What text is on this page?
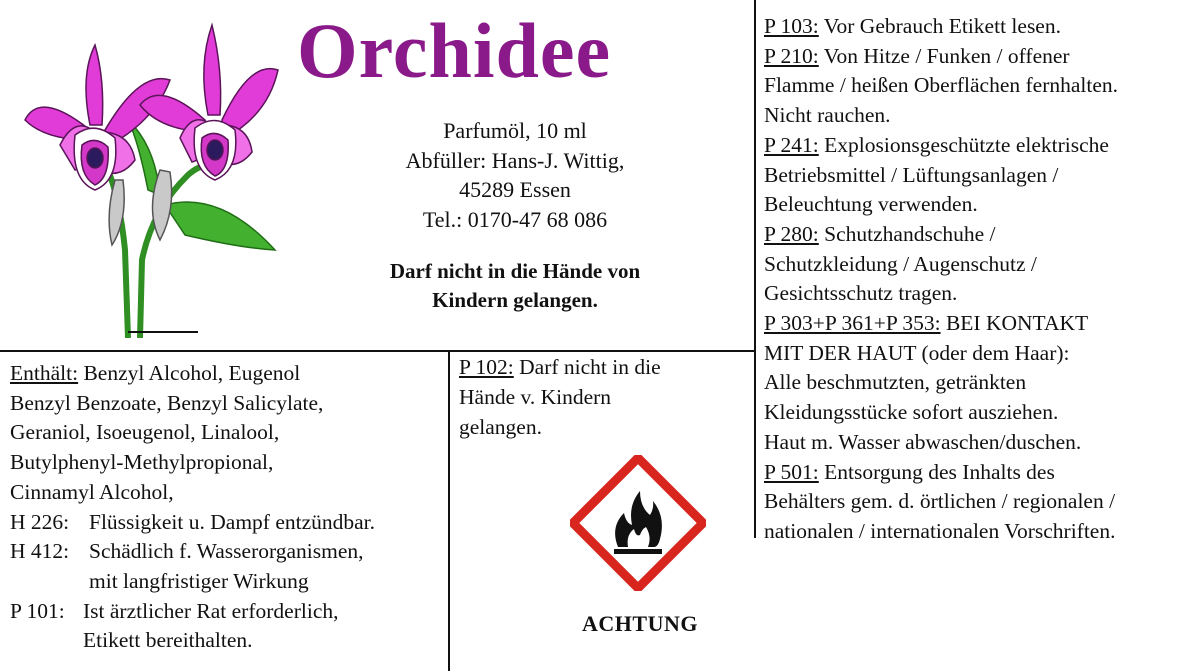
Orchidee
Parfumöl, 10 ml
Abfüller: Hans-J. Wittig,
45289 Essen
Tel.: 0170-47 68 086
Darf nicht in die Hände von
Kindern gelangen.
P 103: Vor Gebrauch Etikett lesen.
P 210: Von Hitze / Funken / offener
Flamme / heißen Oberflächen fernhalten.
Nicht rauchen.
P 241: Explosionsgeschützte elektrische
Betriebsmittel / Lüftungsanlagen /
Beleuchtung verwenden.
P 280: Schutzhandschuhe /
Schutzkleidung / Augenschutz /
Gesichtsschutz tragen.
P 303+P 361+P 353: BEI KONTAKT
MIT DER HAUT (oder dem Haar):
Alle beschmutzten, getränkten
Kleidungsstücke sofort ausziehen.
Haut m. Wasser abwaschen/duschen.
P 501: Entsorgung des Inhalts des
Behälters gem. d. örtlichen / regionalen /
nationalen / internationalen Vorschriften.
Enthält: Benzyl Alcohol, Eugenol
Benzyl Benzoate, Benzyl Salicylate,
Geraniol, Isoeugenol, Linalool,
Butylphenyl-Methylpropional,
Cinnamyl Alcohol,
H 226: Flüssigkeit u. Dampf entzündbar.
H 412: Schädlich f. Wasserorganismen,
mit langfristiger Wirkung
P 101: Ist ärztlicher Rat erforderlich,
Etikett bereithalten.
P 102: Darf nicht in die
Hände v. Kindern
gelangen.
ACHTUNG
